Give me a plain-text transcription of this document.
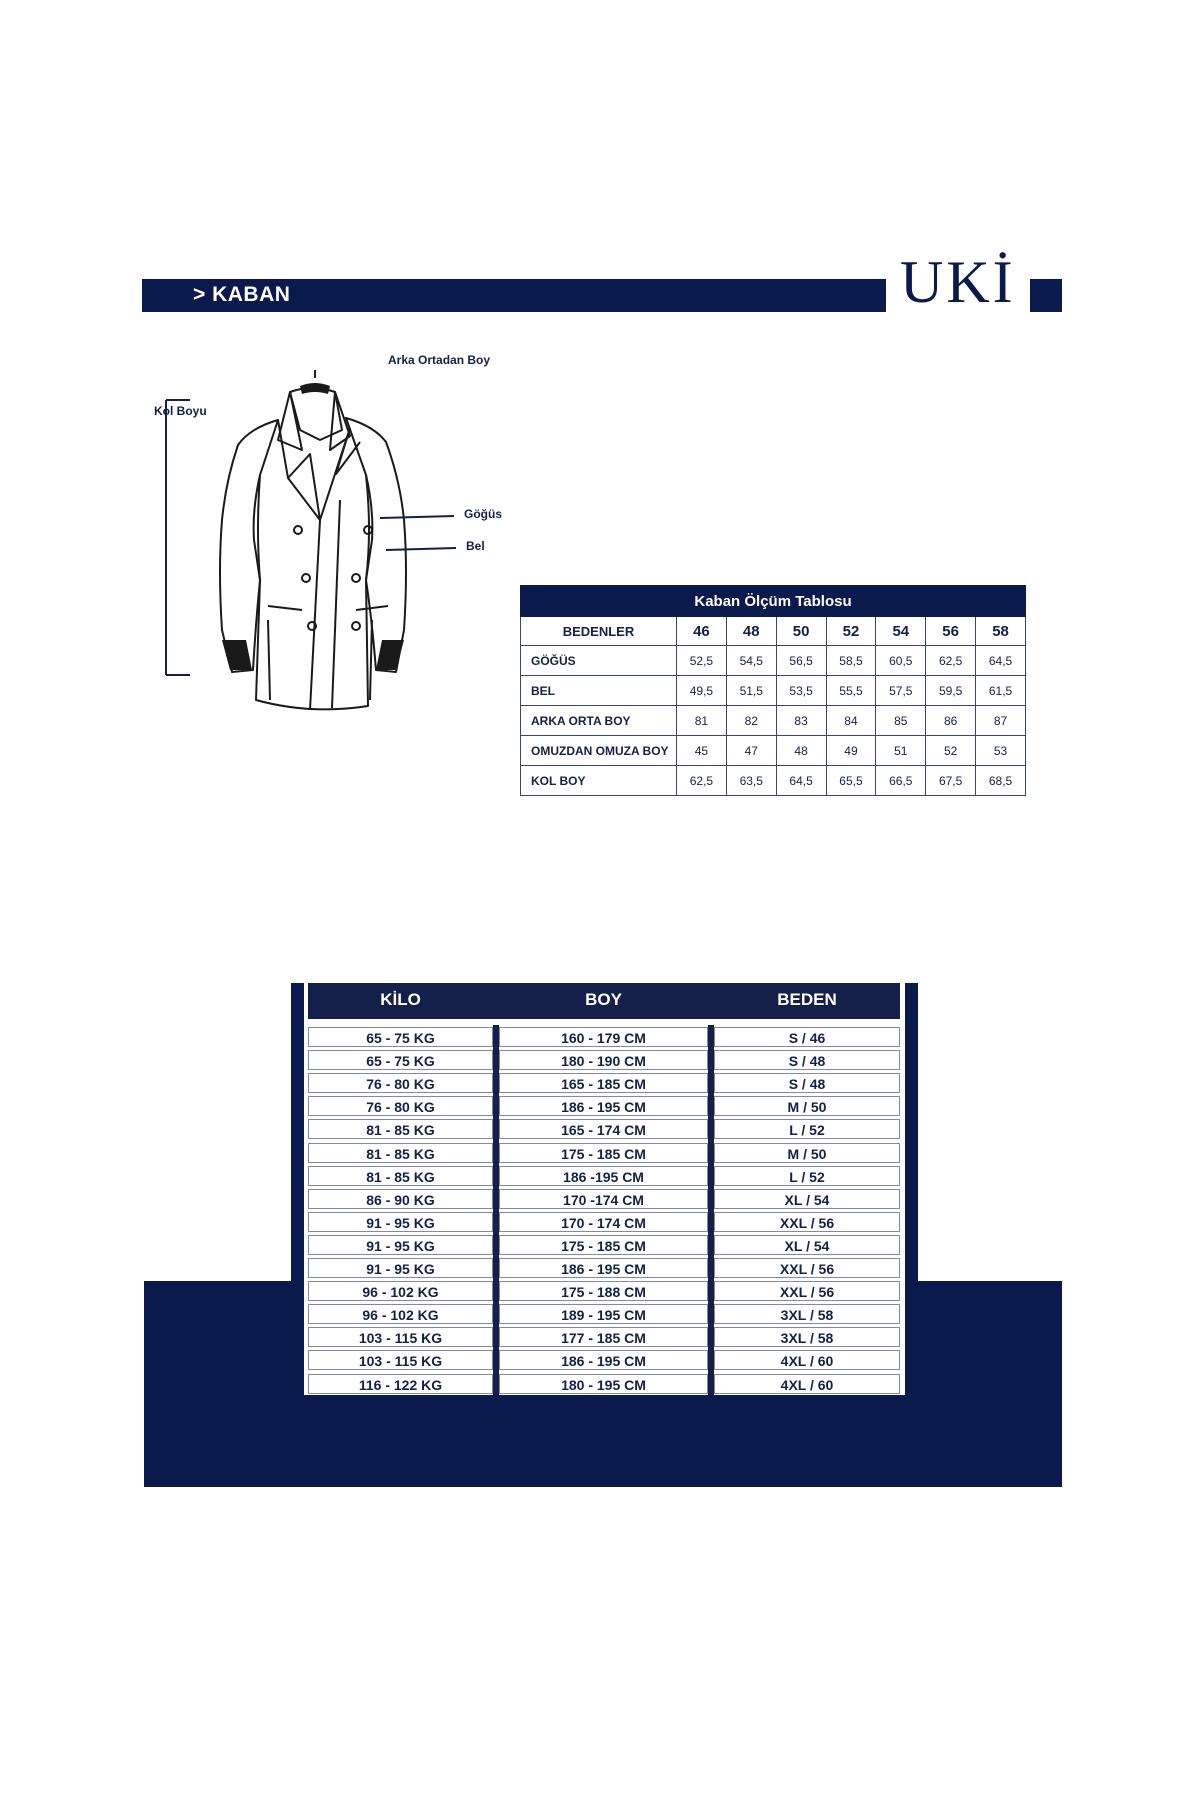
> KABAN	UKİ
Arka Ortadan Boy
Kol Boyu
Göğüs
Bel
Kaban Ölçüm Tablosu							
BEDENLER	46	48	50	52	54	56	58
GÖĞÜS	52,5	54,5	56,5	58,5	60,5	62,5	64,5
BEL	49,5	51,5	53,5	55,5	57,5	59,5	61,5
ARKA ORTA BOY	81	82	83	84	85	86	87
OMUZDAN OMUZA BOY	45	47	48	49	51	52	53
KOL BOY	62,5	63,5	64,5	65,5	66,5	67,5	68,5
KİLO	BOY	BEDEN
65 - 75 KG	160 - 179 CM	S / 46
65 - 75 KG	180 - 190 CM	S / 48
76 - 80 KG	165 - 185 CM	S / 48
76 - 80 KG	186 - 195 CM	M / 50
81 - 85 KG	165 - 174 CM	L / 52
81 - 85 KG	175 - 185 CM	M / 50
81 - 85 KG	186 -195 CM	L / 52
86 - 90 KG	170 -174 CM	XL / 54
91 - 95 KG	170 - 174 CM	XXL / 56
91 - 95 KG	175 - 185 CM	XL / 54
91 - 95 KG	186 - 195 CM	XXL / 56
96 - 102 KG	175 - 188 CM	XXL / 56
96 - 102 KG	189 - 195 CM	3XL / 58
103 - 115 KG	177 - 185 CM	3XL / 58
103 - 115 KG	186 - 195 CM	4XL / 60
116 - 122 KG	180 - 195 CM	4XL / 60
